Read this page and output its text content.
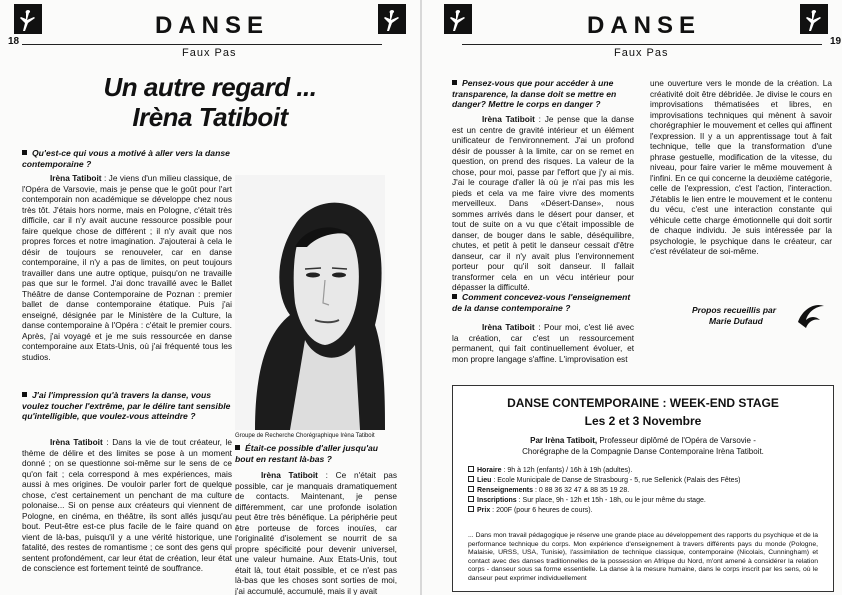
18
DANSE
Faux Pas
Un autre regard ...
Irèna Tatiboit
Qu'est-ce qui vous a motivé à aller vers la danse contemporaine ?
Irèna Tatiboit : Je viens d'un milieu classique, de l'Opéra de Varsovie, mais je pense que le goût pour l'art contemporain non académique se développe chez nous très tôt. J'étais hors norme, mais en Pologne, c'était très difficile, car il n'y avait aucune ressource possible pour faire quelque chose de différent ; il n'y avait que nos propres forces et notre imagination. J'ajouterai à cela le désir de toujours se renouveler, car en danse contemporaine, il n'y a pas de limites, on peut toujours travailler dans une autre optique, puisqu'on ne travaille pas que sur le formel. J'ai donc travaillé avec le Ballet Théâtre de danse Contemporaine de Poznan : premier ballet de danse contemporaine étatique. Puis j'ai enseigné, désignée par le Ministère de la Culture, la danse contemporaine à l'Opéra : c'était le premier cours. Après, j'ai voyagé et je me suis ressourcée en danse contemporaine aux Etats-Unis, où j'ai fréquenté tous les studios.
J'ai l'impression qu'à travers la danse, vous voulez toucher l'extrême, par le délire tant sensible qu'intelligible, que voulez-vous atteindre ?
Irèna Tatiboit : Dans la vie de tout créateur, le thème de délire et des limites se pose à un moment donné ; on se questionne soi-même sur le sens de ce qu'on fait ; cela correspond à mes expériences, mais aussi à mes origines. De vouloir parler fort de quelque chose, c'est certainement un penchant de ma culture polonaise... Si on pense aux créateurs qui viennent de Pologne, en cinéma, en théâtre, ils sont allés jusqu'au bout. Peut-être est-ce plus facile de le faire quand on vient de là-bas, puisqu'il y a une vérité historique, une fatalité, des restes de romantisme ; ce sont des gens qui sentent profondément, car leur état de création, leur état de conscience est fortement teinté de souffrance.
Groupe de Recherche Chorégraphique Irèna Tatiboit
Était-ce possible d'aller jusqu'au bout en restant là-bas ?
Irèna Tatiboit : Ce n'était pas possible, car je manquais dramatiquement de contacts. Maintenant, je pense différemment, car une profonde isolation peut être très bénéfique. La périphérie peut être porteuse de forces inouïes, car l'originalité d'isolement se nourrit de sa propre spécificité pour devenir universel, une valeur humaine. Aux Etats-Unis, tout était là, tout était possible, et ce n'est pas là-bas que les choses sont sorties de moi, j'ai accumulé, accumulé, mais il y avait
19
DANSE
Faux Pas
Pensez-vous que pour accéder à une transparence, la danse doit se mettre en danger? Mettre le corps en danger ?
Irèna Tatiboit : Je pense que la danse est un centre de gravité intérieur et un élément unificateur de l'environnement. J'ai un profond désir de pousser à la limite, car on se remet en question, on prend des risques. La valeur de la chose, pour moi, passe par l'effort que j'y ai mis. J'ai le courage d'aller là où je n'ai pas mis les pieds et cela va me faire vivre des moments merveilleux. Dans «Désert-Danse», nous sommes arrivés dans le désert pour danser, et tout de suite on a vu que c'était impossible de danser, de bouger dans le sable, déséquilibre, chutes, et petit à petit le danseur cessait d'être danseur, car il n'y avait plus l'environnement porteur pour qu'il soit danseur. Il fallait transformer cela en un vécu intérieur pour dépasser la difficulté.
Comment concevez-vous l'enseignement de la danse contemporaine ?
Irèna Tatiboit : Pour moi, c'est lié avec la création, car c'est un ressourcement permanent, qui fait continuellement évoluer, et mon propre langage s'affine. L'improvisation est
une ouverture vers le monde de la création. La créativité doit être débridée. Je divise le cours en improvisations thématisées et libres, en improvisations techniques qui mènent à savoir chorégraphier le mouvement et celles qui affinent l'expression. Il y a un apprentissage tout à fait technique, telle que la transformation d'une phrase gestuelle, modification de la vitesse, du niveau, pour faire varier le même mouvement à l'infini. En ce qui concerne la deuxième catégorie, celle de l'expression, c'est l'action, l'interaction. J'établis le lien entre le mouvement et le contenu du vécu, c'est une interaction constante qui véhicule cette charge émotionnelle qui doit sortir de chaque individu. Je suis intéressée par la psychologie, le psychique dans le créateur, car c'est révélateur de soi-même.
Propos recueillis par
Marie Dufaud
DANSE CONTEMPORAINE : WEEK-END STAGE
Les 2 et 3 Novembre
Par Irèna Tatiboit, Professeur diplômé de l'Opéra de Varsovie -
Chorégraphe de la Compagnie Danse Contemporaine Irèna Tatiboit.
Horaire : 9h à 12h (enfants) / 16h à 19h (adultes).
Lieu : Ecole Municipale de Danse de Strasbourg - 5, rue Sellenick (Palais des Fêtes)
Renseignements : 0 88 36 32 47 & 88 35 19 28.
Inscriptions : Sur place, 9h - 12h et 15h - 18h, ou le jour même du stage.
Prix : 200F (pour 6 heures de cours).
... Dans mon travail pédagogique je réserve une grande place au développement des rapports du psychique et de la performance technique du corps. Mon expérience d'enseignement à travers différents pays du monde (Pologne, Malaisie, URSS, USA, Tunisie), l'assimilation de technique classique, contemporaine (Nicolais, Cunningham) et contact avec des danses traditionnelles de la possession en Afrique du Nord, m'ont amené à considérer la relation corps - danseur sous sa forme essentielle. La danse à la mesure humaine, dans le corps inscrit par les sens, où le danseur peut exprimer individuellement
